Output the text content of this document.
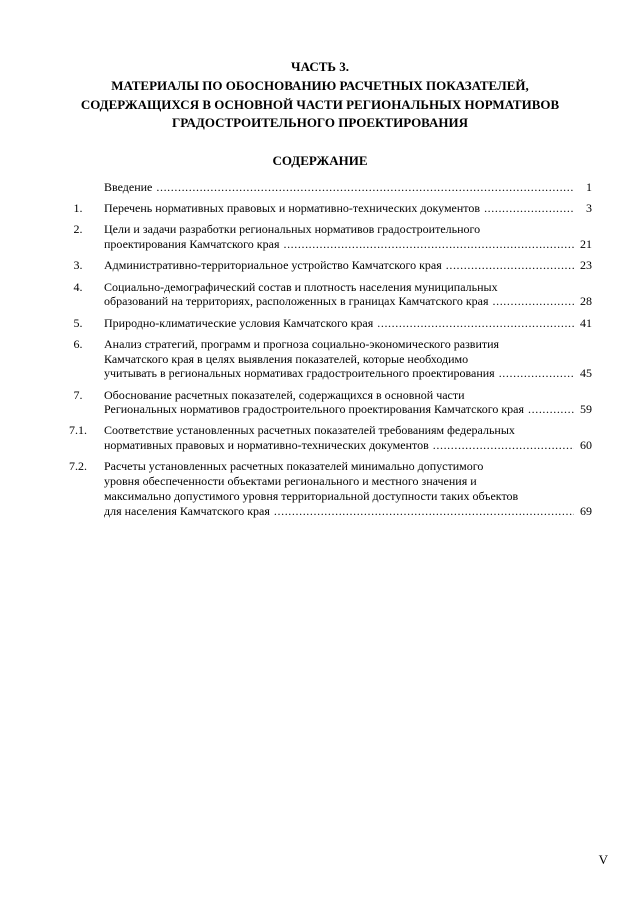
ЧАСТЬ 3.
МАТЕРИАЛЫ ПО ОБОСНОВАНИЮ РАСЧЕТНЫХ ПОКАЗАТЕЛЕЙ,
СОДЕРЖАЩИХСЯ В ОСНОВНОЙ ЧАСТИ РЕГИОНАЛЬНЫХ НОРМАТИВОВ
ГРАДОСТРОИТЕЛЬНОГО ПРОЕКТИРОВАНИЯ
СОДЕРЖАНИЕ
Введение .....	1
1.	Перечень нормативных правовых и нормативно-технических документов .....	3
2.	Цели и задачи разработки региональных нормативов градостроительного
проектирования Камчатского края .....	21
3.	Административно-территориальное устройство Камчатского края .....	23
4.	Социально-демографический состав и плотность населения муниципальных
образований на территориях, расположенных в границах Камчатского края .....	28
5.	Природно-климатические условия Камчатского края .....	41
6.	Анализ стратегий, программ и прогноза социально-экономического развития
Камчатского края в целях выявления показателей, которые необходимо
учитывать в региональных нормативах градостроительного проектирования .....	45
7.	Обоснование расчетных показателей, содержащихся в основной части
Региональных нормативов градостроительного проектирования Камчатского края .....	59
7.1.	Соответствие установленных расчетных показателей требованиям федеральных
нормативных правовых и нормативно-технических документов .....	60
7.2.	Расчеты установленных расчетных показателей минимально допустимого
уровня обеспеченности объектами регионального и местного значения и
максимально допустимого уровня территориальной доступности таких объектов
для населения Камчатского края .....	69
V
